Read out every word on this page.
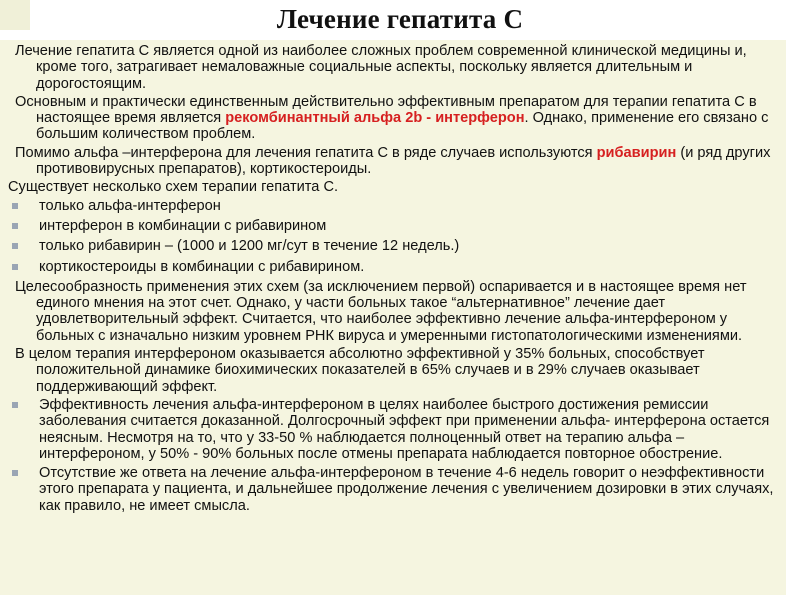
Лечение гепатита С
Лечение гепатита С является одной из наиболее сложных проблем современной клинической медицины и, кроме того, затрагивает немаловажные социальные аспекты, поскольку является длительным и дорогостоящим.
Основным и практически единственным действительно эффективным препаратом для терапии гепатита С в настоящее время является рекомбинантный альфа 2b - интерферон. Однако, применение его связано с большим количеством проблем.
Помимо альфа –интерферона для лечения гепатита С в ряде случаев используются рибавирин (и ряд других противовирусных препаратов), кортикостероиды.
Существует несколько схем терапии гепатита С.
только альфа-интерферон
интерферон в комбинации с рибавирином
только рибавирин – (1000 и 1200 мг/сут в течение 12 недель.)
кортикостероиды в комбинации с рибавирином.
Целесообразность применения этих схем (за исключением первой) оспаривается и в настоящее время нет единого мнения на этот счет. Однако, у части больных такое “альтернативное” лечение дает удовлетворительный эффект. Считается, что наиболее эффективно лечение альфа-интерфероном у больных с изначально низким уровнем РНК вируса и умеренными гистопатологическими изменениями.
В целом терапия интерфероном оказывается абсолютно эффективной у 35% больных, способствует положительной динамике биохимических показателей в 65% случаев и в 29% случаев оказывает поддерживающий эффект.
Эффективность лечения альфа-интерфероном в целях наиболее быстрого достижения ремиссии заболевания считается доказанной. Долгосрочный эффект при применении альфа- интерферона остается неясным. Несмотря на то, что у 33-50 % наблюдается полноценный ответ на терапию альфа – интерфероном, у 50% - 90% больных после отмены препарата наблюдается повторное обострение.
Отсутствие же ответа на лечение альфа-интерфероном в течение 4-6 недель говорит о неэффективности этого препарата у пациента, и дальнейшее продолжение лечения с увеличением дозировки в этих случаях, как правило, не имеет смысла.
